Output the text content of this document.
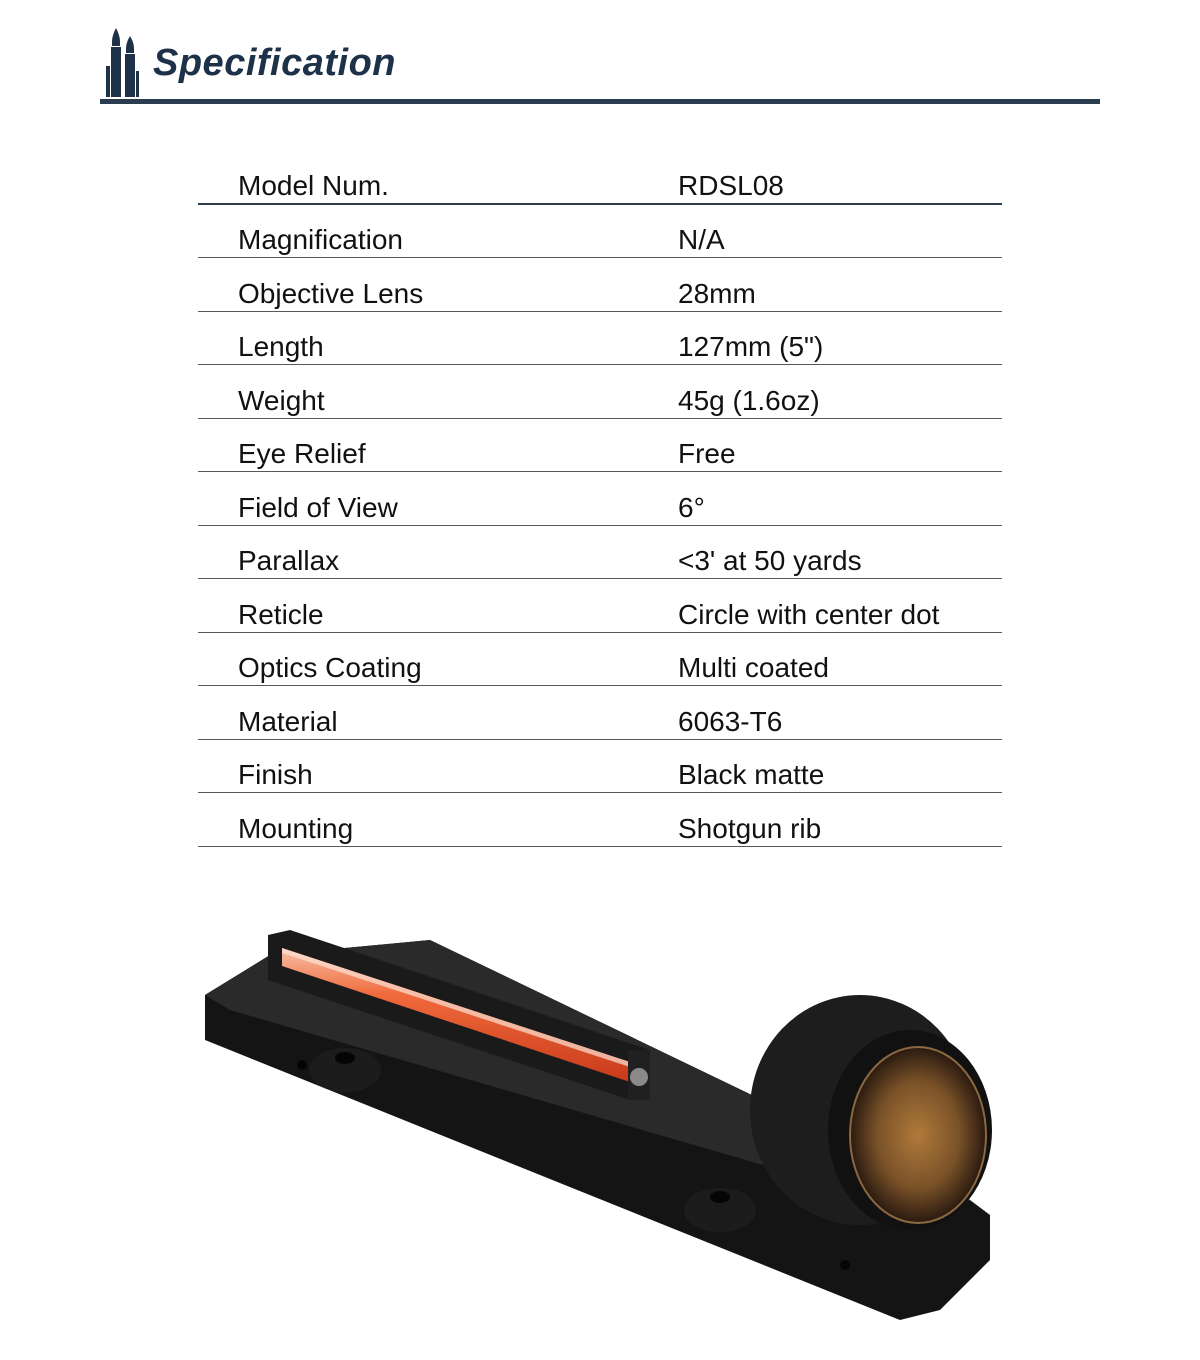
Specification
Model Num.	RDSL08
Magnification	N/A
Objective Lens	28mm
Length	127mm (5")
Weight	45g (1.6oz)
Eye Relief	Free
Field of View	6°
Parallax	<3' at 50 yards
Reticle	Circle with center dot
Optics Coating	Multi coated
Material	6063-T6
Finish	Black matte
Mounting	Shotgun rib
